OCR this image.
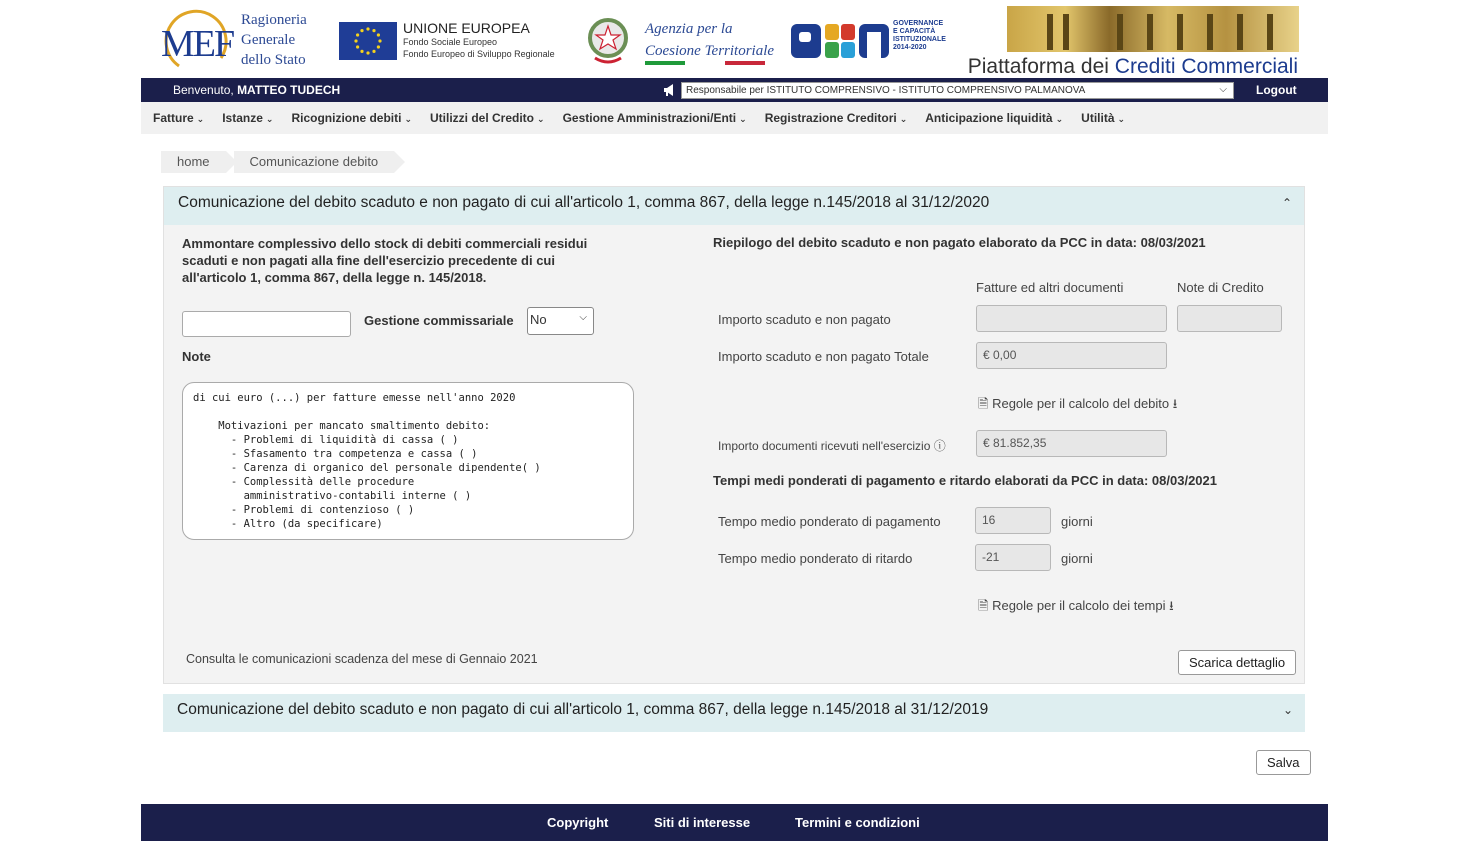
MEF
Ragioneria
Generale
dello Stato
UNIONE EUROPEA
Fondo Sociale Europeo
Fondo Europeo di Sviluppo Regionale
Agenzia per la
Coesione Territoriale
GOVERNANCE
E CAPACITÀ
ISTITUZIONALE
2014-2020
Piattaforma dei Crediti Commerciali
Benvenuto, MATTEO TUDECH	Responsabile per ISTITUTO COMPRENSIVO - ISTITUTO COMPRENSIVO PALMANOVA	⌵ Logout
Fatture ⌄ Istanze ⌄ Ricognizione debiti ⌄ Utilizzi del Credito ⌄ Gestione Amministrazioni/Enti ⌄ Registrazione Creditori ⌄ Anticipazione liquidità ⌄ Utilità ⌄
home	Comunicazione debito
Comunicazione del debito scaduto e non pagato di cui all'articolo 1, comma 867, della legge n.145/2018 al 31/12/2020	⌃
Ammontare complessivo dello stock di debiti commerciali residui
scaduti e non pagati alla fine dell'esercizio precedente di cui
all'articolo 1, comma 867, della legge n. 145/2018.
Gestione commissariale No	⌵
Note
di cui euro (...) per fatture emesse nell'anno 2020

Motivazioni per mancato smaltimento debito:
- Problemi di liquidità di cassa ( )
- Sfasamento tra competenza e cassa ( )
- Carenza di organico del personale dipendente( )
- Complessità delle procedure
amministrativo-contabili interne ( )
- Problemi di contenzioso ( )
- Altro (da specificare)
Riepilogo del debito scaduto e non pagato elaborato da PCC in data: 08/03/2021
Fatture ed altri documenti	Note di Credito
Importo scaduto e non pagato
Importo scaduto e non pagato Totale	€ 0,00
🗎 Regole per il calcolo del debito ⭳
Importo documenti ricevuti nell'esercizio ⓘ	€ 81.852,35
Tempi medi ponderati di pagamento e ritardo elaborati da PCC in data: 08/03/2021
Tempo medio ponderato di pagamento	16	giorni
Tempo medio ponderato di ritardo	-21	giorni
🗎 Regole per il calcolo dei tempi ⭳
Consulta le comunicazioni scadenza del mese di Gennaio 2021	Scarica dettaglio
Comunicazione del debito scaduto e non pagato di cui all'articolo 1, comma 867, della legge n.145/2018 al 31/12/2019	⌄
Salva
Copyright	Siti di interesse	Termini e condizioni
